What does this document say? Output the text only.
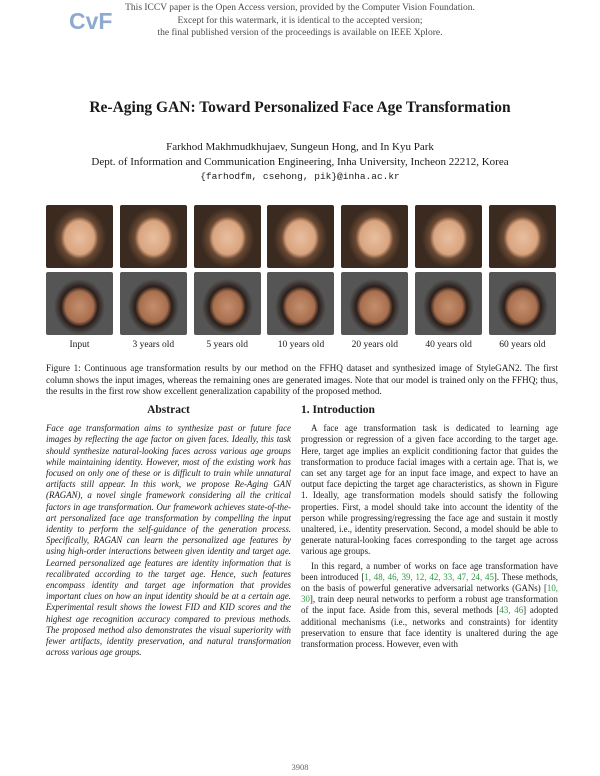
This ICCV paper is the Open Access version, provided by the Computer Vision Foundation.
Except for this watermark, it is identical to the accepted version;
the final published version of the proceedings is available on IEEE Xplore.
CvF
Re-Aging GAN: Toward Personalized Face Age Transformation
Farkhod Makhmudkhujaev, Sungeun Hong, and In Kyu Park
Dept. of Information and Communication Engineering, Inha University, Incheon 22212, Korea
{farhodfm, csehong, pik}@inha.ac.kr
Input	3 years old	5 years old	10 years old	20 years old	40 years old	60 years old
Figure 1: Continuous age transformation results by our method on the FFHQ dataset and synthesized image of StyleGAN2. The first column shows the input images, whereas the remaining ones are generated images. Note that our model is trained only on the FFHQ; thus, the results in the first row show excellent generalization capability of the proposed method.
Abstract
Face age transformation aims to synthesize past or future face images by reflecting the age factor on given faces. Ideally, this task should synthesize natural-looking faces across various age groups while maintaining identity. However, most of the existing work has focused on only one of these or is difficult to train while unnatural artifacts still appear. In this work, we propose Re-Aging GAN (RAGAN), a novel single framework considering all the critical factors in age transformation. Our framework achieves state-of-the-art personalized face age transformation by compelling the input identity to perform the self-guidance of the generation process. Specifically, RAGAN can learn the personalized age features by using high-order interactions between given identity and target age. Learned personalized age features are identity information that is recalibrated according to the target age. Hence, such features encompass identity and target age information that provides important clues on how an input identity should be at a certain age. Experimental result shows the lowest FID and KID scores and the highest age recognition accuracy compared to previous methods. The proposed method also demonstrates the visual superiority with fewer artifacts, identity preservation, and natural transformation across various age groups.
1. Introduction

A face age transformation task is dedicated to learning age progression or regression of a given face according to the target age. Here, target age implies an explicit conditioning factor that guides the transformation to produce facial images with a certain age. That is, we can set any target age for an input face image, and expect to have an output face depicting the target age characteristics, as shown in Figure 1. Ideally, age transformation models should satisfy the following properties. First, a model should take into account the identity of the person while progressing/regressing the face age and sustain it mostly unaltered, i.e., identity preservation. Second, a model should be able to generate natural-looking faces corresponding to the target age across various age groups.

In this regard, a number of works on face age transformation have been introduced [1, 48, 46, 39, 12, 42, 33, 47, 24, 45]. These methods, on the basis of powerful generative adversarial networks (GANs) [10, 30], train deep neural networks to perform a robust age transformation of the input face. Aside from this, several methods [43, 46] adopted additional mechanisms (i.e., networks and constraints) for identity preservation to ensure that face identity is unaltered during the age transformation process. However, even with

3908
